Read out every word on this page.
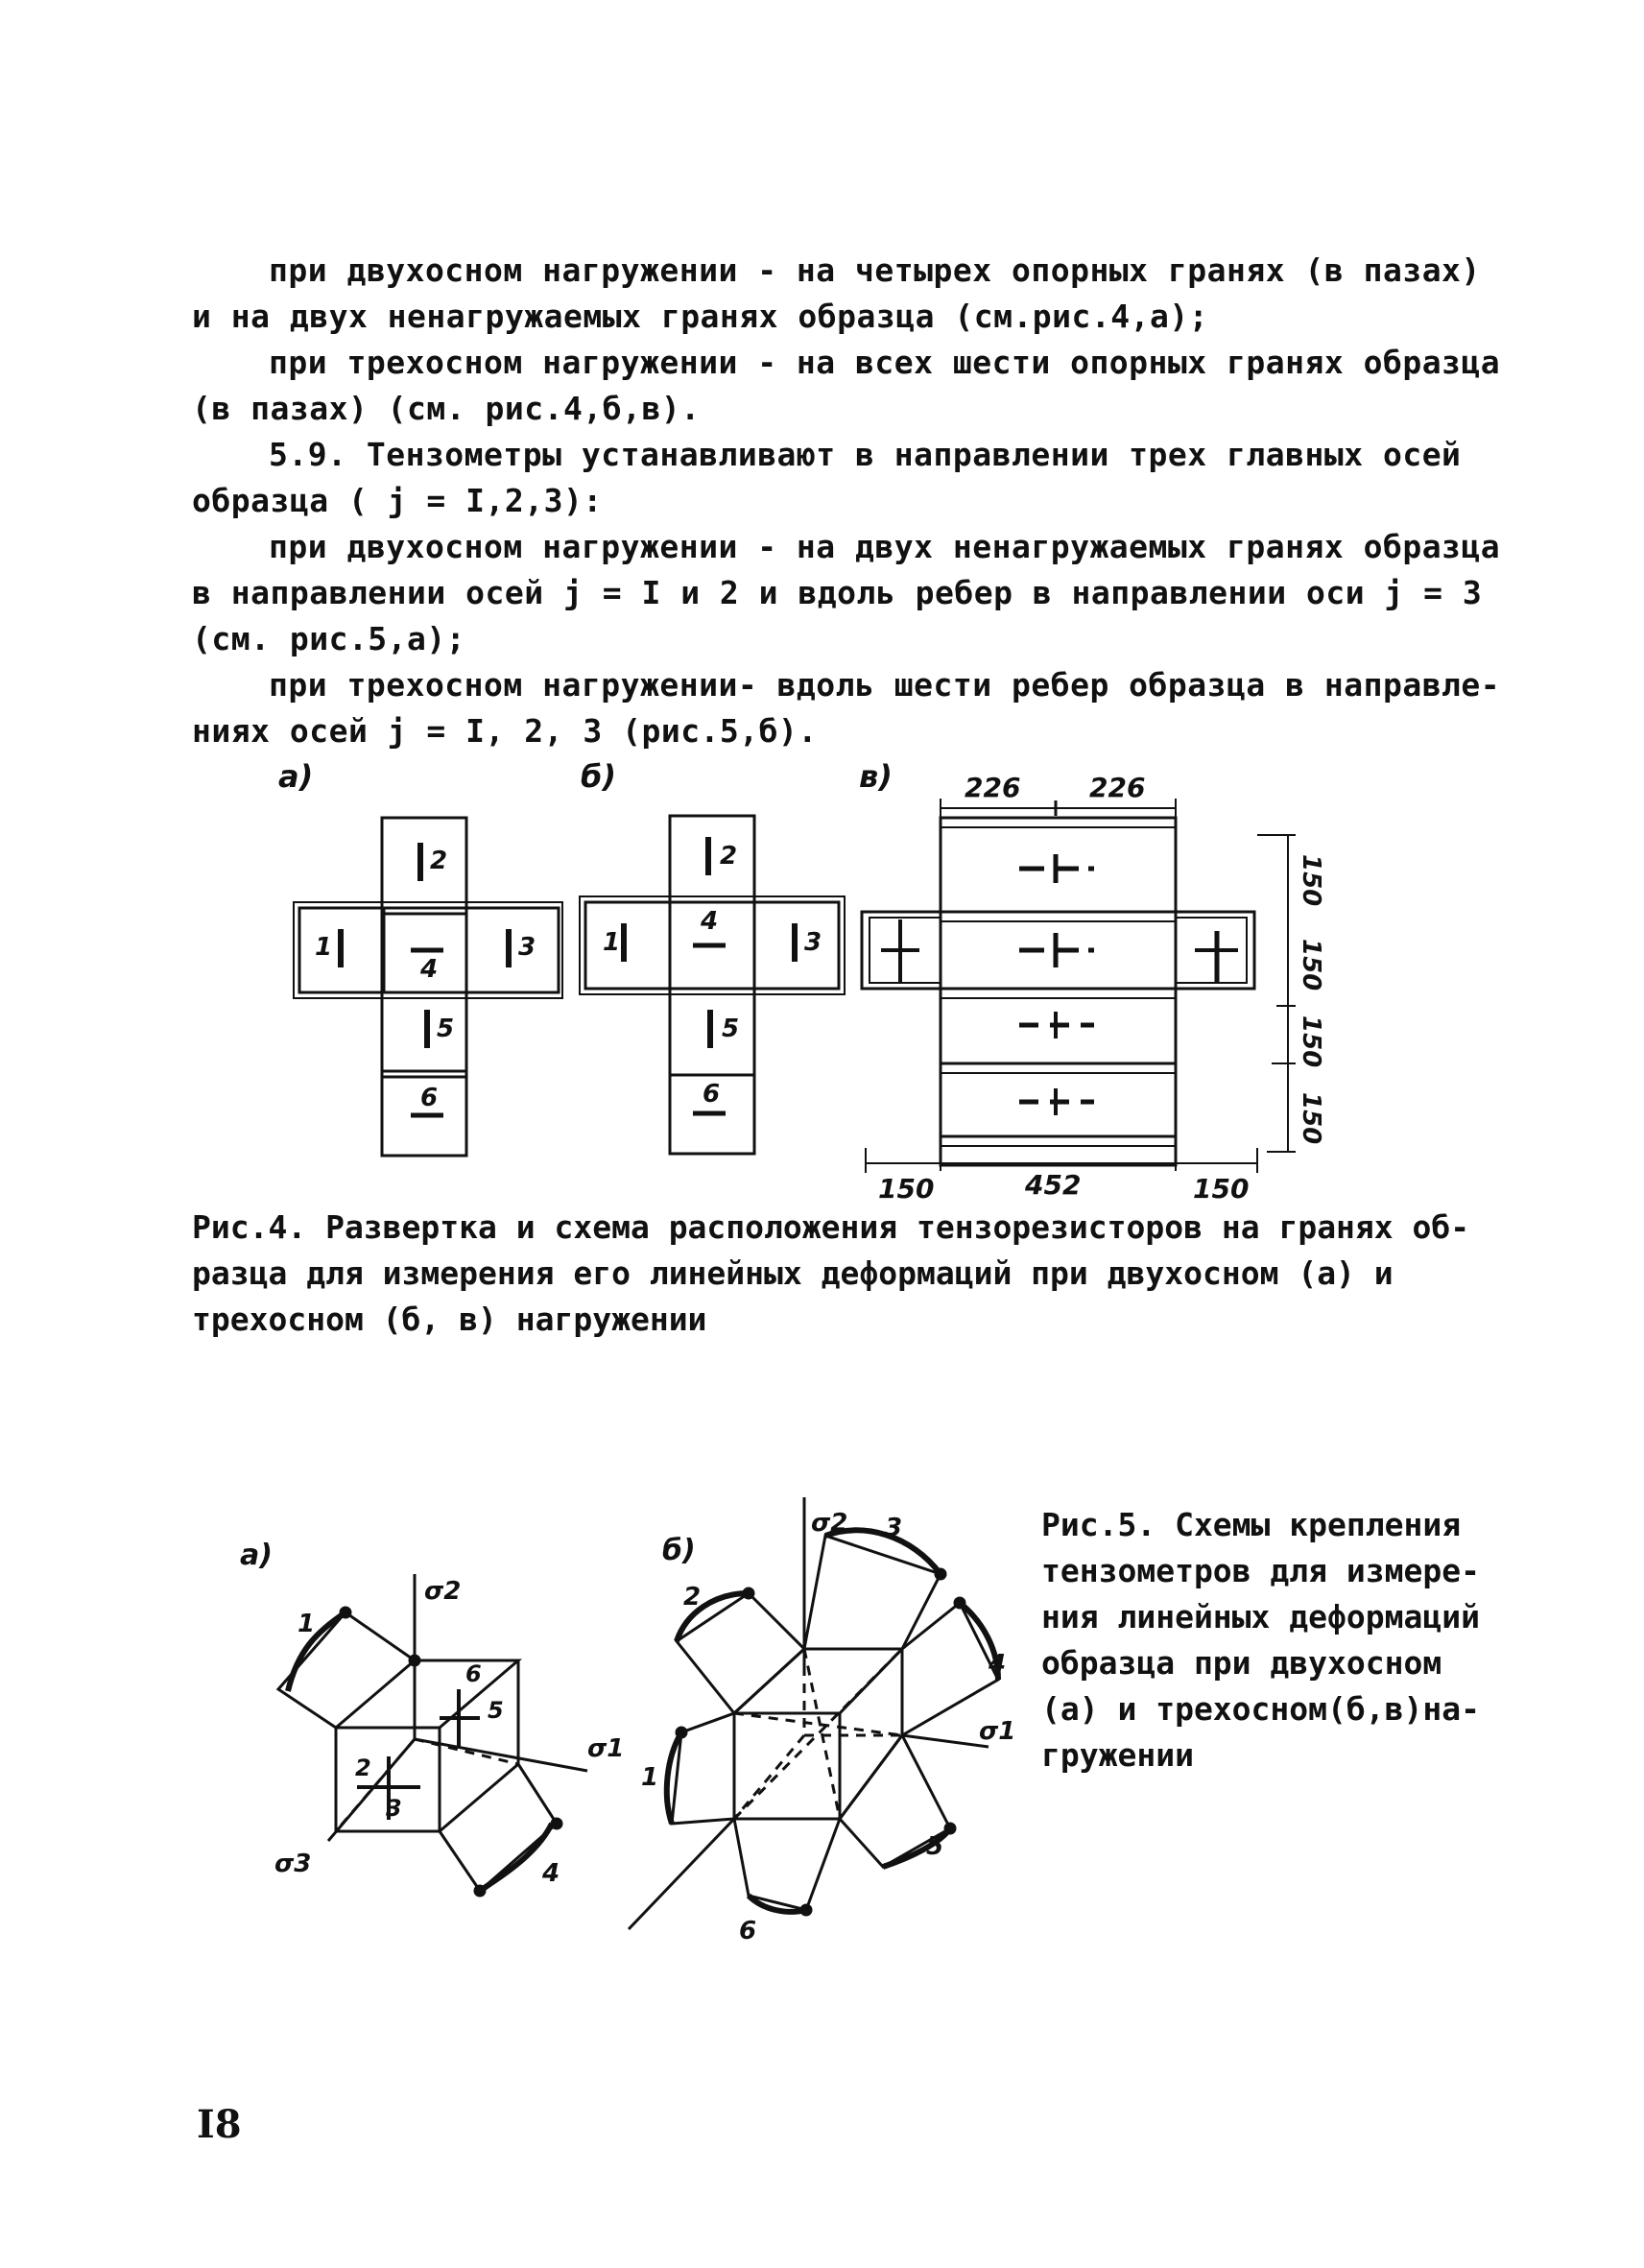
при двухосном нагружении - на четырех опорных гранях (в пазах)
и на двух ненагружаемых гранях образца (см.рис.4,а);
при трехосном нагружении - на всех шести опорных гранях образца
(в пазах) (см. рис.4,б,в).
5.9. Тензометры устанавливают в направлении трех главных осей
образца ( j = I,2,3):
при двухосном нагружении - на двух ненагружаемых гранях образца
в направлении осей j = I и 2 и вдоль ребер в направлении оси j = 3
(см. рис.5,а);
при трехосном нагружении- вдоль шести ребер образца в направле-
ниях осей j = I, 2, 3 (рис.5,б).
а)
2
1	3
4
5
6
б)
2
1	3
4
5
6
в)	226	226
150
150
150
150
150	452	150
а)
σ2
σ1
σ3
1
2
3
4
5
6
б)
σ2
σ1
1
2
3
4
5
6
Рис.4. Развертка и схема расположения тензорезисторов на гранях об-
разца для измерения его линейных деформаций при двухосном (а) и
трехосном (б, в) нагружении
Рис.5. Схемы крепления
тензометров для измере-
ния линейных деформаций
образца при двухосном
(а) и трехосном(б,в)на-
гружении
I8
